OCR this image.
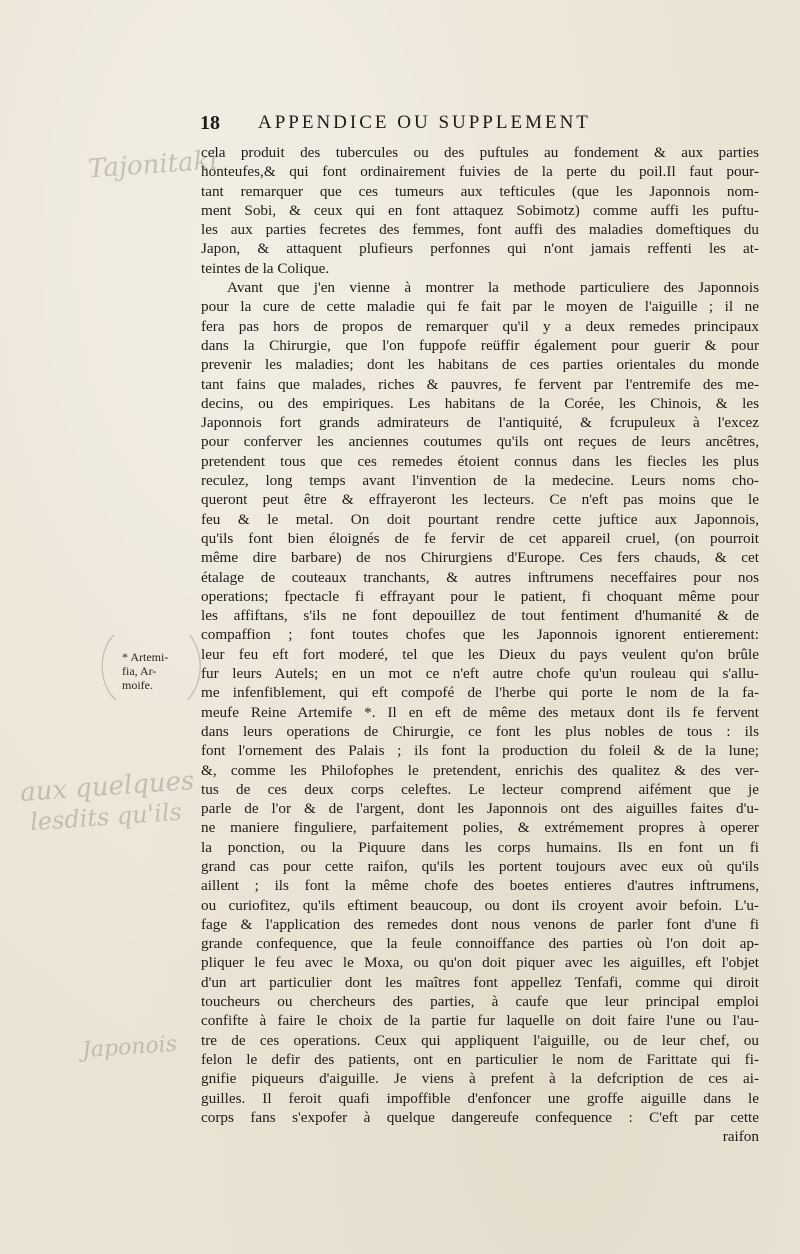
18 APPENDICE OU SUPPLEMENT
Tajonitaki
aux quelques
lesdits qu'ils
Japonois
* Artemi-
fia, Ar-
moife.
cela produit des tubercules ou des puftules au fondement & aux parties
honteufes,& qui font ordinairement fuivies de la perte du poil.Il faut pour-
tant remarquer que ces tumeurs aux tefticules (que les Japonnois nom-
ment Sobi, & ceux qui en font attaquez Sobimotz) comme auffi les puftu-
les aux parties fecretes des femmes, font auffi des maladies domeftiques du
Japon, & attaquent plufieurs perfonnes qui n'ont jamais reffenti les at-
teintes de la Colique.
Avant que j'en vienne à montrer la methode particuliere des Japonnois
pour la cure de cette maladie qui fe fait par le moyen de l'aiguille ; il ne
fera pas hors de propos de remarquer qu'il y a deux remedes principaux
dans la Chirurgie, que l'on fuppofe reüffir également pour guerir & pour
prevenir les maladies; dont les habitans de ces parties orientales du monde
tant fains que malades, riches & pauvres, fe fervent par l'entremife des me-
decins, ou des empiriques. Les habitans de la Corée, les Chinois, & les
Japonnois fort grands admirateurs de l'antiquité, & fcrupuleux à l'excez
pour conferver les anciennes coutumes qu'ils ont reçues de leurs ancêtres,
pretendent tous que ces remedes étoient connus dans les fiecles les plus
reculez, long temps avant l'invention de la medecine. Leurs noms cho-
queront peut être & effrayeront les lecteurs. Ce n'eft pas moins que le
feu & le metal. On doit pourtant rendre cette juftice aux Japonnois,
qu'ils font bien éloignés de fe fervir de cet appareil cruel, (on pourroit
même dire barbare) de nos Chirurgiens d'Europe. Ces fers chauds, & cet
étalage de couteaux tranchants, & autres inftrumens neceffaires pour nos
operations; fpectacle fi effrayant pour le patient, fi choquant même pour
les affiftans, s'ils ne font depouillez de tout fentiment d'humanité & de
compaffion ; font toutes chofes que les Japonnois ignorent entierement:
leur feu eft fort moderé, tel que les Dieux du pays veulent qu'on brûle
fur leurs Autels; en un mot ce n'eft autre chofe qu'un rouleau qui s'allu-
me infenfiblement, qui eft compofé de l'herbe qui porte le nom de la fa-
meufe Reine Artemife *. Il en eft de même des metaux dont ils fe fervent
dans leurs operations de Chirurgie, ce font les plus nobles de tous : ils
font l'ornement des Palais ; ils font la production du foleil & de la lune;
&, comme les Philofophes le pretendent, enrichis des qualitez & des ver-
tus de ces deux corps celeftes. Le lecteur comprend aifément que je
parle de l'or & de l'argent, dont les Japonnois ont des aiguilles faites d'u-
ne maniere finguliere, parfaitement polies, & extrémement propres à operer
la ponction, ou la Piquure dans les corps humains. Ils en font un fi
grand cas pour cette raifon, qu'ils les portent toujours avec eux où qu'ils
aillent ; ils font la même chofe des boetes entieres d'autres inftrumens,
ou curiofitez, qu'ils eftiment beaucoup, ou dont ils croyent avoir befoin. L'u-
fage & l'application des remedes dont nous venons de parler font d'une fi
grande confequence, que la feule connoiffance des parties où l'on doit ap-
pliquer le feu avec le Moxa, ou qu'on doit piquer avec les aiguilles, eft l'objet
d'un art particulier dont les maîtres font appellez Tenfafi, comme qui diroit
toucheurs ou chercheurs des parties, à caufe que leur principal emploi
confifte à faire le choix de la partie fur laquelle on doit faire l'une ou l'au-
tre de ces operations. Ceux qui appliquent l'aiguille, ou de leur chef, ou
felon le defir des patients, ont en particulier le nom de Farittate qui fi-
gnifie piqueurs d'aiguille. Je viens à prefent à la defcription de ces ai-
guilles. Il feroit quafi impoffible d'enfoncer une groffe aiguille dans le
corps fans s'expofer à quelque dangereufe confequence : C'eft par cette
raifon
